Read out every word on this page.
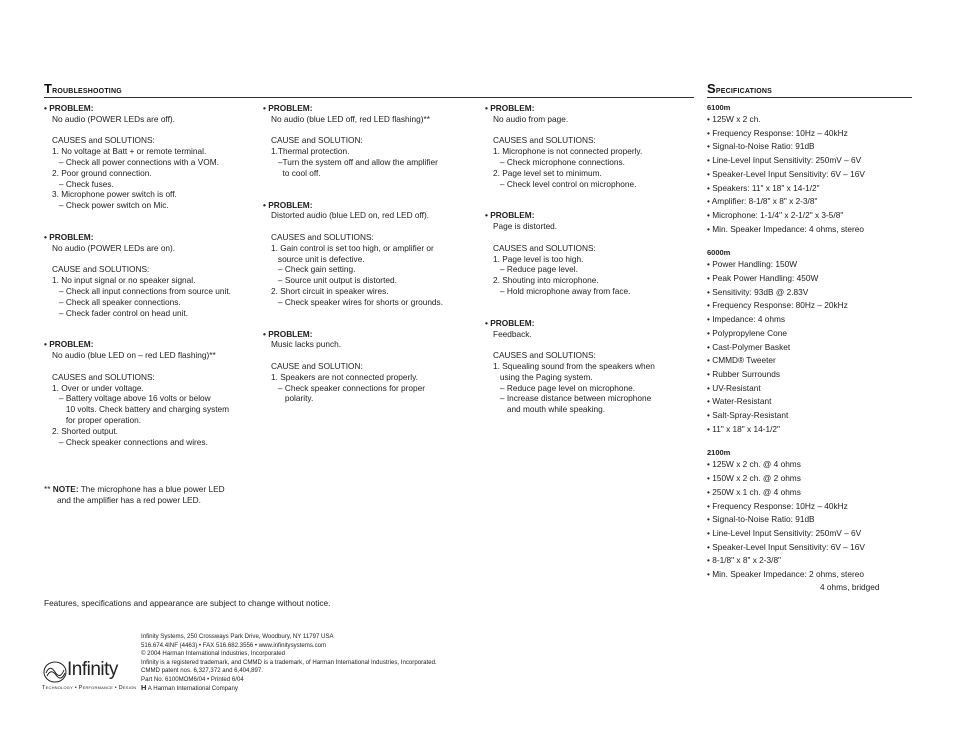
Troubleshooting	Specifications
• PROBLEM:
No audio (POWER LEDs are off).
CAUSES and SOLUTIONS:
1. No voltage at Batt + or remote terminal.
– Check all power connections with a VOM.
2. Poor ground connection.
– Check fuses.
3. Microphone power switch is off.
– Check power switch on Mic.
• PROBLEM:
No audio (POWER LEDs are on).
CAUSE and SOLUTIONS:
1. No input signal or no speaker signal.
– Check all input connections from source unit.
– Check all speaker connections.
– Check fader control on head unit.
• PROBLEM:
No audio (blue LED on – red LED flashing)**
CAUSES and SOLUTIONS:
1. Over or under voltage.
– Battery voltage above 16 volts or below
10 volts. Check battery and charging system
for proper operation.
2. Shorted output.
– Check speaker connections and wires.
• PROBLEM:
No audio (blue LED off, red LED flashing)**
CAUSE and SOLUTION:
1.Thermal protection.
–Turn the system off and allow the amplifier
to cool off.
• PROBLEM:
Distorted audio (blue LED on, red LED off).
CAUSES and SOLUTIONS:
1. Gain control is set too high, or amplifier or
source unit is defective.
– Check gain setting.
– Source unit output is distorted.
2. Short circuit in speaker wires.
– Check speaker wires for shorts or grounds.
• PROBLEM:
Music lacks punch.
CAUSE and SOLUTION:
1. Speakers are not connected properly.
– Check speaker connections for proper
polarity.
• PROBLEM:
No audio from page.
CAUSES and SOLUTIONS:
1. Microphone is not connected properly.
– Check microphone connections.
2. Page level set to minimum.
– Check level control on microphone.
• PROBLEM:
Page is distorted.
CAUSES and SOLUTIONS:
1. Page level is too high.
– Reduce page level.
2. Shouting into microphone.
– Hold microphone away from face.
• PROBLEM:
Feedback.
CAUSES and SOLUTIONS:
1. Squealing sound from the speakers when
using the Paging system.
– Reduce page level on microphone.
– Increase distance between microphone
and mouth while speaking.
** NOTE: The microphone has a blue power LED
and the amplifier has a red power LED.
6100m
• 125W x 2 ch.
• Frequency Response: 10Hz – 40kHz
• Signal-to-Noise Ratio: 91dB
• Line-Level Input Sensitivity: 250mV – 6V
• Speaker-Level Input Sensitivity: 6V – 16V
• Speakers: 11" x 18" x 14-1/2"
• Amplifier: 8-1/8" x 8" x 2-3/8"
• Microphone: 1-1/4" x 2-1/2" x 3-5/8"
• Min. Speaker Impedance: 4 ohms, stereo
6000m
• Power Handling: 150W
• Peak Power Handling: 450W
• Sensitivity: 93dB @ 2.83V
• Frequency Response: 80Hz – 20kHz
• Impedance: 4 ohms
• Polypropylene Cone
• Cast-Polymer Basket
• CMMD® Tweeter
• Rubber Surrounds
• UV-Resistant
• Water-Resistant
• Salt-Spray-Resistant
• 11" x 18" x 14-1/2"
2100m
• 125W x 2 ch. @ 4 ohms
• 150W x 2 ch. @ 2 ohms
• 250W x 1 ch. @ 4 ohms
• Frequency Response: 10Hz – 40kHz
• Signal-to-Noise Ratio: 91dB
• Line-Level Input Sensitivity: 250mV – 6V
• Speaker-Level Input Sensitivity: 6V – 16V
• 8-1/8" x 8" x 2-3/8"
• Min. Speaker Impedance: 2 ohms, stereo
4 ohms, bridged
Features, specifications and appearance are subject to change without notice.
Infinity Systems, 250 Crossways Park Drive, Woodbury, NY 11797 USA
516.674.4INF (4463) • FAX 516.682.3556 • www.infinitysystems.com
© 2004 Harman International Industries, Incorporated
Infinity is a registered trademark, and CMMD is a trademark, of Harman International Industries, Incorporated.
CMMD patent nos. 6,327,372 and 6,404,897.
Part No. 6100MOM6/04 • Printed 6/04
H A Harman International Company
Infinity
Technology • Performance • Design
